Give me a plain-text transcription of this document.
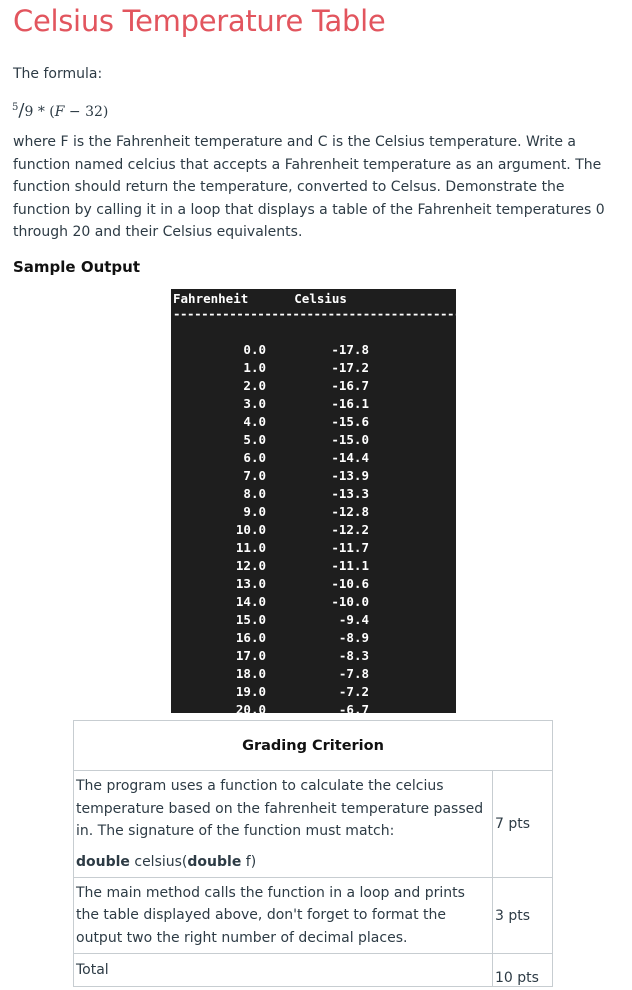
Celsius Temperature Table

The formula:

$^5$/9 * (F − 32)

where F is the Fahrenheit temperature and C is the Celsius temperature. Write a function named celcius that accepts a Fahrenheit temperature as an argument. The function should return the temperature, converted to Celsus. Demonstrate the function by calling it in a loop that displays a table of the Fahrenheit temperatures 0 through 20 and their Celsius equivalents.

Sample Output
Fahrenheit	Celsius
------------------------------------------------
0.0	-17.8
1.0	-17.2
2.0	-16.7
3.0	-16.1
4.0	-15.6
5.0	-15.0
6.0	-14.4
7.0	-13.9
8.0	-13.3
9.0	-12.8
10.0	-12.2
11.0	-11.7
12.0	-11.1
13.0	-10.6
14.0	-10.0
15.0	-9.4
16.0	-8.9
17.0	-8.3
18.0	-7.8
19.0	-7.2
20.0	-6.7
Program ended with exit code: 0
Grading Criterion	

The program uses a function to calculate the celcius temperature based on the fahrenheit temperature passed in. The signature of the function must match:

double celsius(double f)	7 pts

The main method calls the function in a loop and prints the table displayed above, don't forget to format the output two the right number of decimal places.	3 pts
Total	10 pts
